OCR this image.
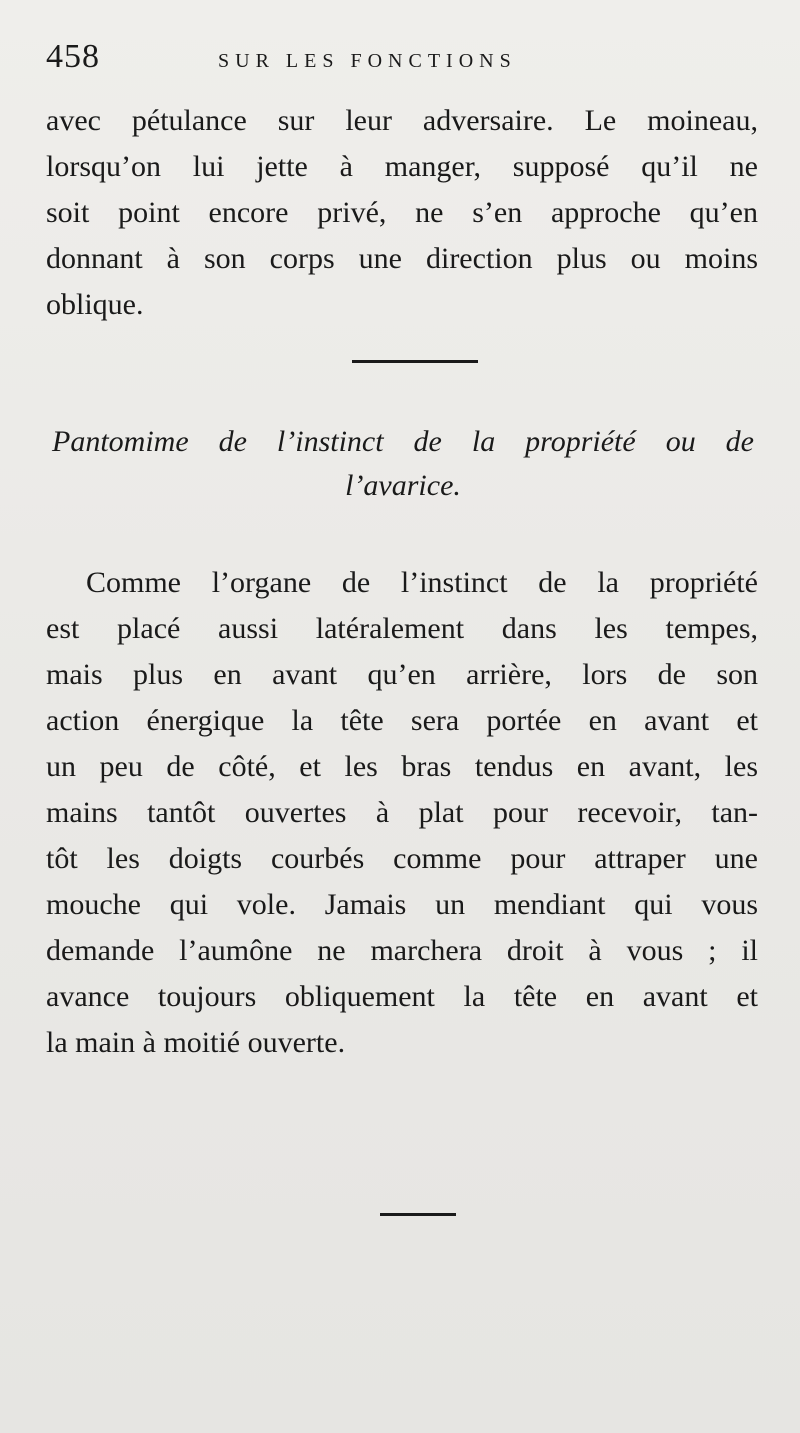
458	SUR LES FONCTIONS
avec pétulance sur leur adversaire. Le moineau,
lorsqu’on lui jette à manger, supposé qu’il ne
soit point encore privé, ne s’en approche qu’en
donnant à son corps une direction plus ou moins
oblique.
Pantomime de l’instinct de la propriété ou de
l’avarice.
Comme l’organe de l’instinct de la propriété
est placé aussi latéralement dans les tempes,
mais plus en avant qu’en arrière, lors de son
action énergique la tête sera portée en avant et
un peu de côté, et les bras tendus en avant, les
mains tantôt ouvertes à plat pour recevoir, tan-
tôt les doigts courbés comme pour attraper une
mouche qui vole. Jamais un mendiant qui vous
demande l’aumône ne marchera droit à vous ; il
avance toujours obliquement la tête en avant et
la main à moitié ouverte.
